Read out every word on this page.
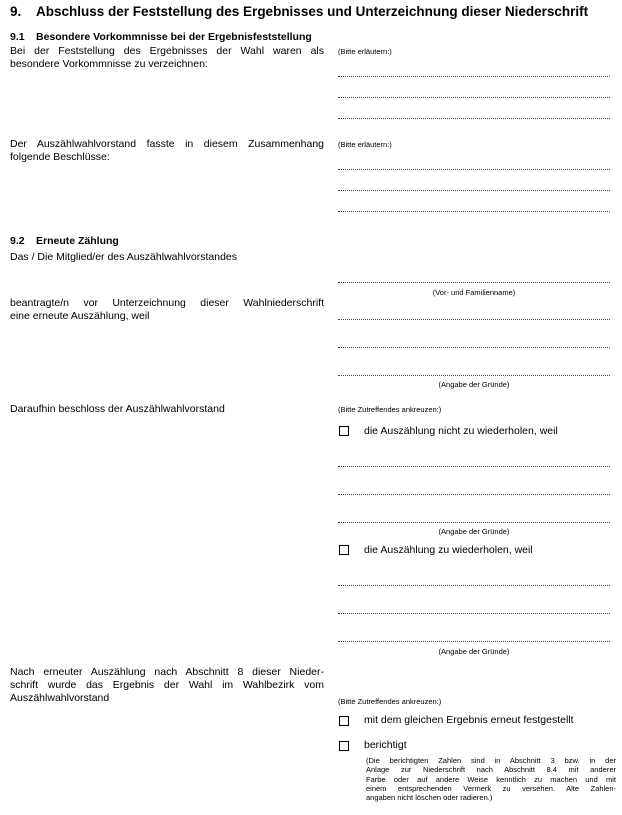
9. Abschluss der Feststellung des Ergebnisses und Unterzeichnung dieser Niederschrift
9.1 Besondere Vorkommnisse bei der Ergebnisfeststellung
Bei der Feststellung des Ergebnisses der Wahl waren als
besondere Vorkommnisse zu verzeichnen:
(Bitte erläutern:)
Der Auszählwahlvorstand fasste in diesem Zusammenhang
folgende Beschlüsse:
(Bitte erläutern:)
9.2 Erneute Zählung
Das / Die Mitglied/er des Auszählwahlvorstandes
(Vor- und Familienname)
beantragte/n vor Unterzeichnung dieser Wahlniederschrift
eine erneute Auszählung, weil
(Angabe der Gründe)
Daraufhin beschloss der Auszählwahlvorstand	(Bitte Zutreffendes ankreuzen:)
die Auszählung nicht zu wiederholen, weil
(Angabe der Gründe)
die Auszählung zu wiederholen, weil
(Angabe der Gründe)
Nach erneuter Auszählung nach Abschnitt 8 dieser Nieder-
schrift wurde das Ergebnis der Wahl im Wahlbezirk vom
Auszählwahlvorstand	(Bitte Zutreffendes ankreuzen:)
mit dem gleichen Ergebnis erneut festgestellt
berichtigt
(Die berichtigten Zahlen sind in Abschnitt 3 bzw. in der
Anlage zur Niederschrift nach Abschnitt 8.4 mit anderer
Farbe oder auf andere Weise kenntlich zu machen und mit
einem entsprechenden Vermerk zu versehen. Alte Zahlen-
angaben nicht löschen oder radieren.)
